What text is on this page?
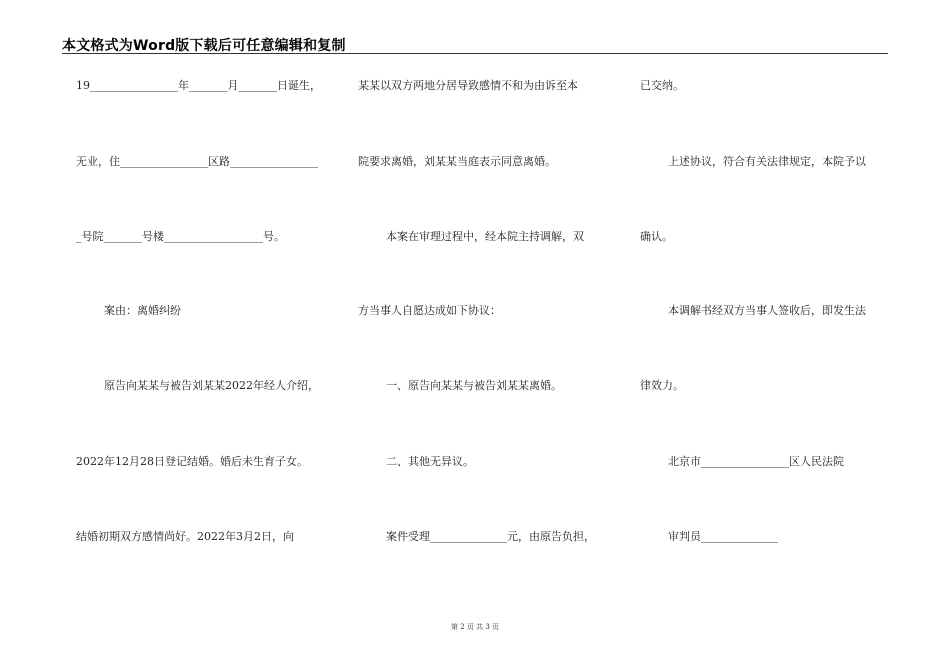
本文格式为Word版下载后可任意编辑和复制
19________________年_______月_______日诞生，
无业，住________________区路________________
_号院_______号楼__________________号。
案由：离婚纠纷
原告向某某与被告刘某某2022年经人介绍，
2022年12月28日登记结婚。婚后未生育子女。
结婚初期双方感情尚好。2022年3月2日，向
某某以双方两地分居导致感情不和为由诉至本
院要求离婚，刘某某当庭表示同意离婚。
本案在审理过程中，经本院主持调解，双
方当事人自愿达成如下协议：
一、原告向某某与被告刘某某离婚。
二、其他无异议。
案件受理______________元，由原告负担，
已交纳。
上述协议，符合有关法律规定，本院予以
确认。
本调解书经双方当事人签收后，即发生法
律效力。
北京市________________区人民法院
审判员______________
第 2 页 共 3 页
